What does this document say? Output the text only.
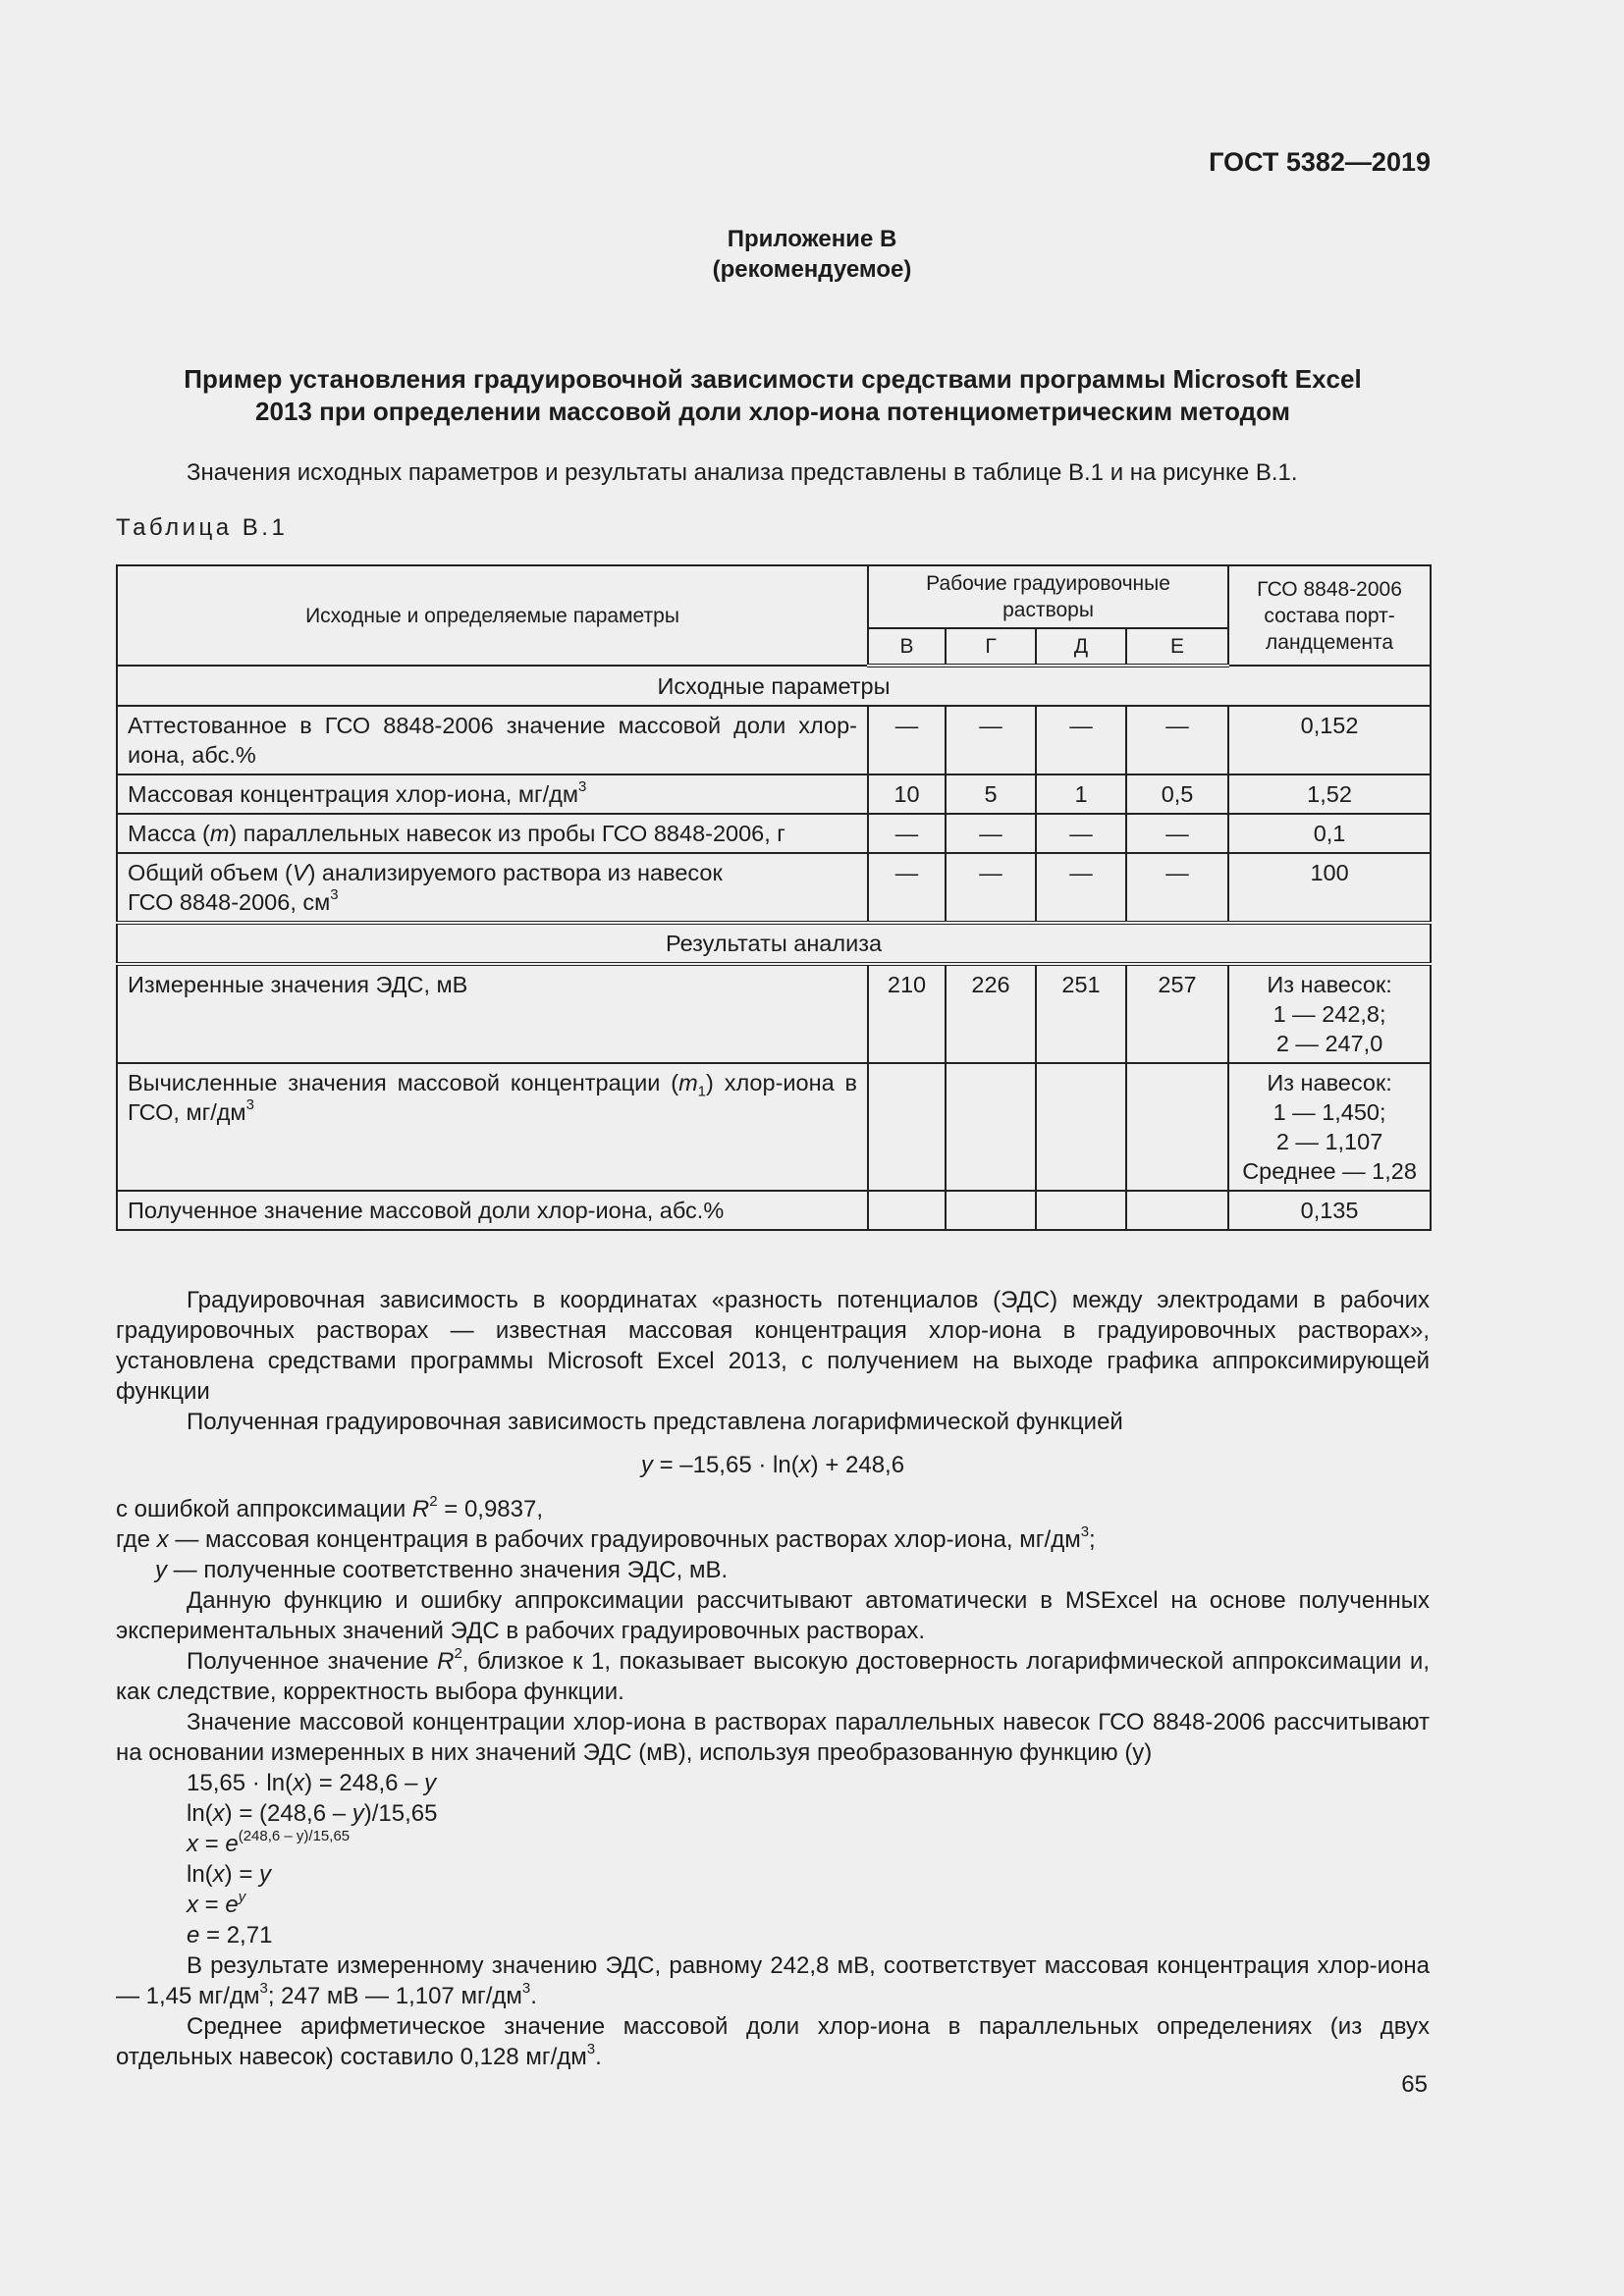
ГОСТ 5382—2019
Приложение В
(рекомендуемое)
Пример установления градуировочной зависимости средствами программы Microsoft Excel
2013 при определении массовой доли хлор-иона потенциометрическим методом
Значения исходных параметров и результаты анализа представлены в таблице В.1 и на рисунке В.1.
Таблица В.1
Исходные и определяемые параметры	Рабочие градуировочные растворы				ГСО 8848-2006 состава порт-ландцемента
	В	Г	Д	Е	
Исходные параметры					
Аттестованное в ГСО 8848-2006 значение массовой доли хлор-иона, абс.%	—	—	—	—	0,152
Массовая концентрация хлор-иона, $мг/дм^3$	10	5	1	0,5	1,52
Масса (m) параллельных навесок из пробы ГСО 8848-2006, г	—	—	—	—	0,1
Общий объем (V) анализируемого раствора из навесок ГСО 8848-2006, $см^3$	—	—	—	—	100
Результаты анализа					
Измеренные значения ЭДС, мВ	210	226	251	257	Из навесок:
1 — 242,8;
2 — 247,0

Вычисленные значения массовой концентрации $(m_1)$ хлор-иона в ГСО, $мг/дм^3$					Из навесок:
1 — 1,450;
2 — 1,107
Среднее — 1,28

Полученное значение массовой доли хлор-иона, абс.%					0,135

Градуировочная зависимость в координатах «разность потенциалов (ЭДС) между электродами в рабочих градуировочных растворах — известная массовая концентрация хлор-иона в градуировочных растворах», установлена средствами программы Microsoft Excel 2013, с получением на выходе графика аппроксимирующей функции

Полученная градуировочная зависимость представлена логарифмической функцией

y = –15,65 · ln(x) + 248,6

с ошибкой аппроксимации $R^2 = 0,9837$,

где x — массовая концентрация в рабочих градуировочных растворах хлор-иона, $мг/дм^3$;

y — полученные соответственно значения ЭДС, мВ.

Данную функцию и ошибку аппроксимации рассчитывают автоматически в MSExcel на основе полученных экспериментальных значений ЭДС в рабочих градуировочных растворах.

Полученное значение $R^2$, близкое к 1, показывает высокую достоверность логарифмической аппроксимации и, как следствие, корректность выбора функции.

Значение массовой концентрации хлор-иона в растворах параллельных навесок ГСО 8848-2006 рассчитывают на основании измеренных в них значений ЭДС (мВ), используя преобразованную функцию (у)

15,65 · ln(x) = 248,6 – y

ln(x) = (248,6 – y)/15,65

$x = e^{(248,6 - y)/15,65}$

ln(x) = y

$x = e^y$

e = 2,71

В результате измеренному значению ЭДС, равному 242,8 мВ, соответствует массовая концентрация хлор-иона — 1,45 $мг/дм^3$; 247 мВ — 1,107 $мг/дм^3$.

Среднее арифметическое значение массовой доли хлор-иона в параллельных определениях (из двух отдельных навесок) составило 0,128 $мг/дм^3$.

65
